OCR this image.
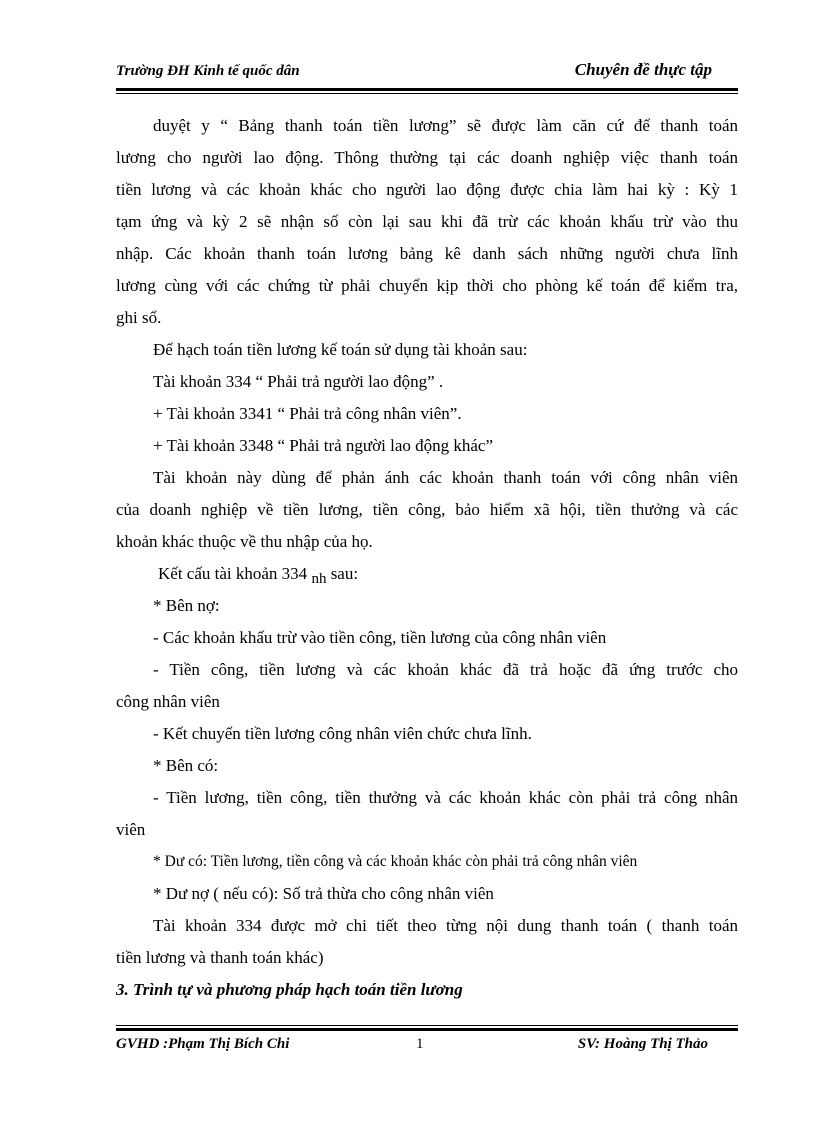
Trường ĐH Kinh tế quốc dân	Chuyên đề thực tập
duyệt y “ Bảng thanh toán tiền lương” sẽ được làm căn cứ để thanh toán
lương cho người lao động. Thông thường tại các doanh nghiệp việc thanh toán
tiền lương và các khoản khác cho người lao động được chia làm hai kỳ : Kỳ 1
tạm ứng và kỳ 2 sẽ nhận số còn lại sau khi đã trừ các khoản khấu trừ vào thu
nhập. Các khoản thanh toán lương bảng kê danh sách những người chưa lĩnh
lương cùng với các chứng từ phải chuyển kịp thời cho phòng kế toán để kiểm tra,
ghi sổ.
Để hạch toán tiền lương kế toán sử dụng tài khoản sau:
Tài khoản 334 “ Phải trả người lao động” .
+ Tài khoản 3341 “ Phải trả công nhân viên”.
+ Tài khoản 3348 “ Phải trả người lao động khác”
Tài khoản này dùng để phản ánh các khoản thanh toán với công nhân viên
của doanh nghiệp về tiền lương, tiền công, bảo hiểm xã hội, tiền thưởng và các
khoản khác thuộc về thu nhập của họ.
Kết cấu tài khoản 334 nh sau:
* Bên nợ:
- Các khoản khấu trừ vào tiền công, tiền lương của công nhân viên
- Tiền công, tiền lương và các khoản khác đã trả hoặc đã ứng trước cho
công nhân viên
- Kết chuyển tiền lương công nhân viên chức chưa lĩnh.
* Bên có:
- Tiền lương, tiền công, tiền thưởng và các khoản khác còn phải trả công nhân
viên
* Dư có: Tiền lương, tiền công và các khoản khác còn phải trả công nhân viên
* Dư nợ ( nếu có): Số trả thừa cho công nhân viên
Tài khoản 334 được mở chi tiết theo từng nội dung thanh toán ( thanh toán
tiền lương và thanh toán khác)
3. Trình tự và phương pháp hạch toán tiền lương
GVHD :Phạm Thị Bích Chi	1	SV: Hoàng Thị Thảo
